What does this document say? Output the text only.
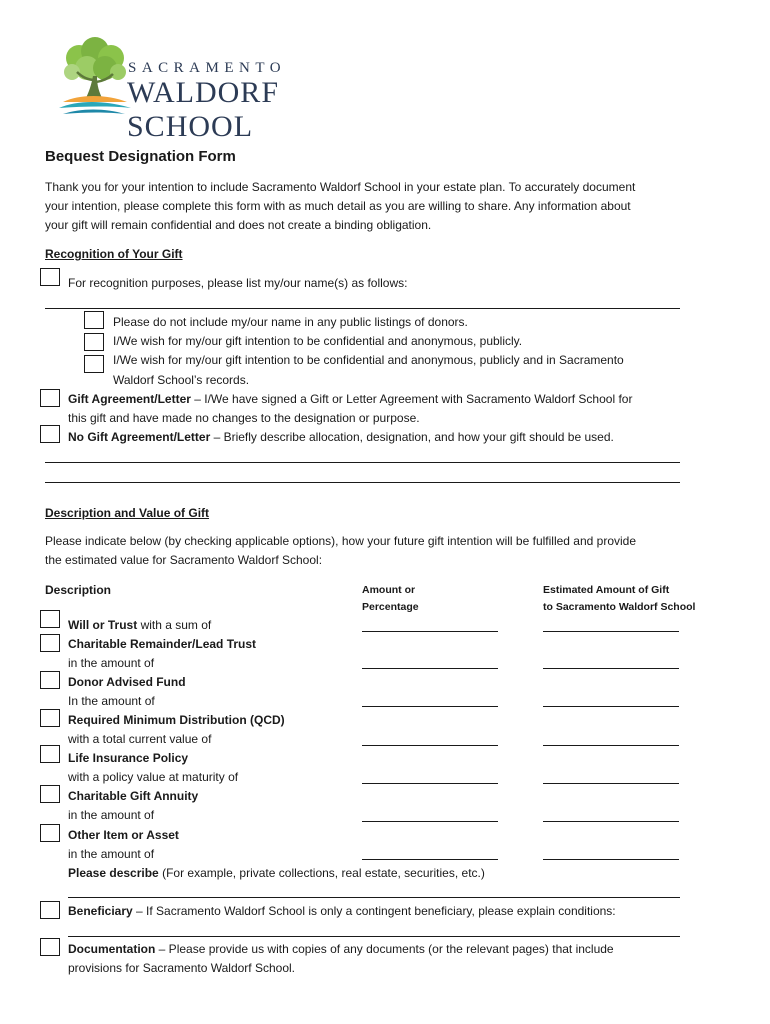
SACRAMENTO
WALDORF SCHOOL
Bequest Designation Form
Thank you for your intention to include Sacramento Waldorf School in your estate plan. To accurately document
your intention, please complete this form with as much detail as you are willing to share. Any information about
your gift will remain confidential and does not create a binding obligation.
Recognition of Your Gift
For recognition purposes, please list my/our name(s) as follows:
Please do not include my/our name in any public listings of donors.
I/We wish for my/our gift intention to be confidential and anonymous, publicly.
I/We wish for my/our gift intention to be confidential and anonymous, publicly and in Sacramento
Waldorf School’s records.
Gift Agreement/Letter – I/We have signed a Gift or Letter Agreement with Sacramento Waldorf School for
this gift and have made no changes to the designation or purpose.
No Gift Agreement/Letter – Briefly describe allocation, designation, and how your gift should be used.
Description and Value of Gift
Please indicate below (by checking applicable options), how your future gift intention will be fulfilled and provide
the estimated value for Sacramento Waldorf School:
Description	Amount or
Percentage
Estimated Amount of Gift
to Sacramento Waldorf School
Will or Trust with a sum of
Charitable Remainder/Lead Trust
in the amount of
Donor Advised Fund
In the amount of
Required Minimum Distribution (QCD)
with a total current value of
Life Insurance Policy
with a policy value at maturity of
Charitable Gift Annuity
in the amount of
Other Item or Asset
in the amount of
Please describe (For example, private collections, real estate, securities, etc.)
Beneficiary – If Sacramento Waldorf School is only a contingent beneficiary, please explain conditions:
Documentation – Please provide us with copies of any documents (or the relevant pages) that include
provisions for Sacramento Waldorf School.
